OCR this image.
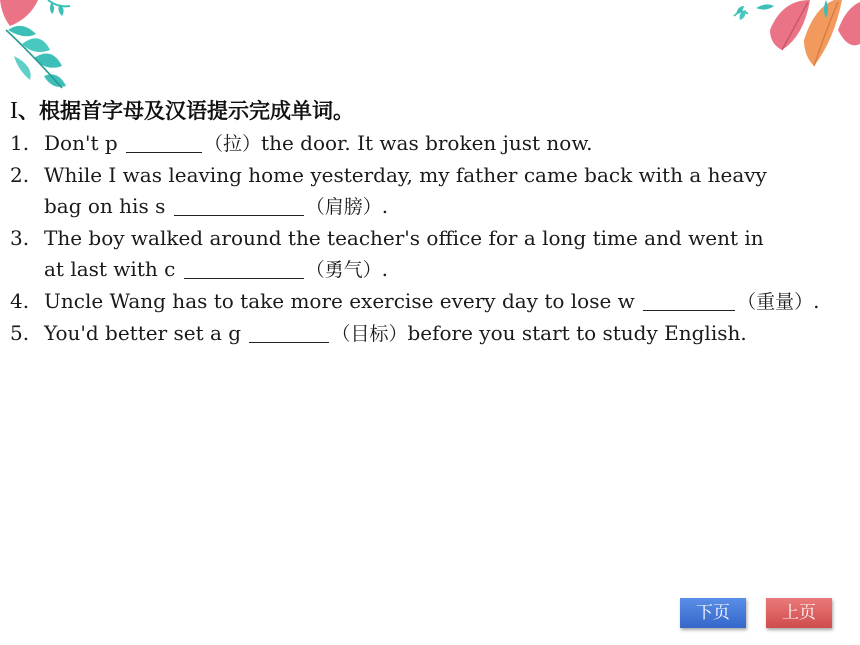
I、根据首字母及汉语提示完成单词。
1. Don't p	（拉）the door. It was broken just now.
2. While I was leaving home yesterday, my father came back with a heavy
bag on his s	（肩膀）.
3. The boy walked around the teacher's office for a long time and went in
at last with c	（勇气）.
4. Uncle Wang has to take more exercise every day to lose w	（重量）.
5. You'd better set a g	（目标）before you start to study English.
下页	上页
